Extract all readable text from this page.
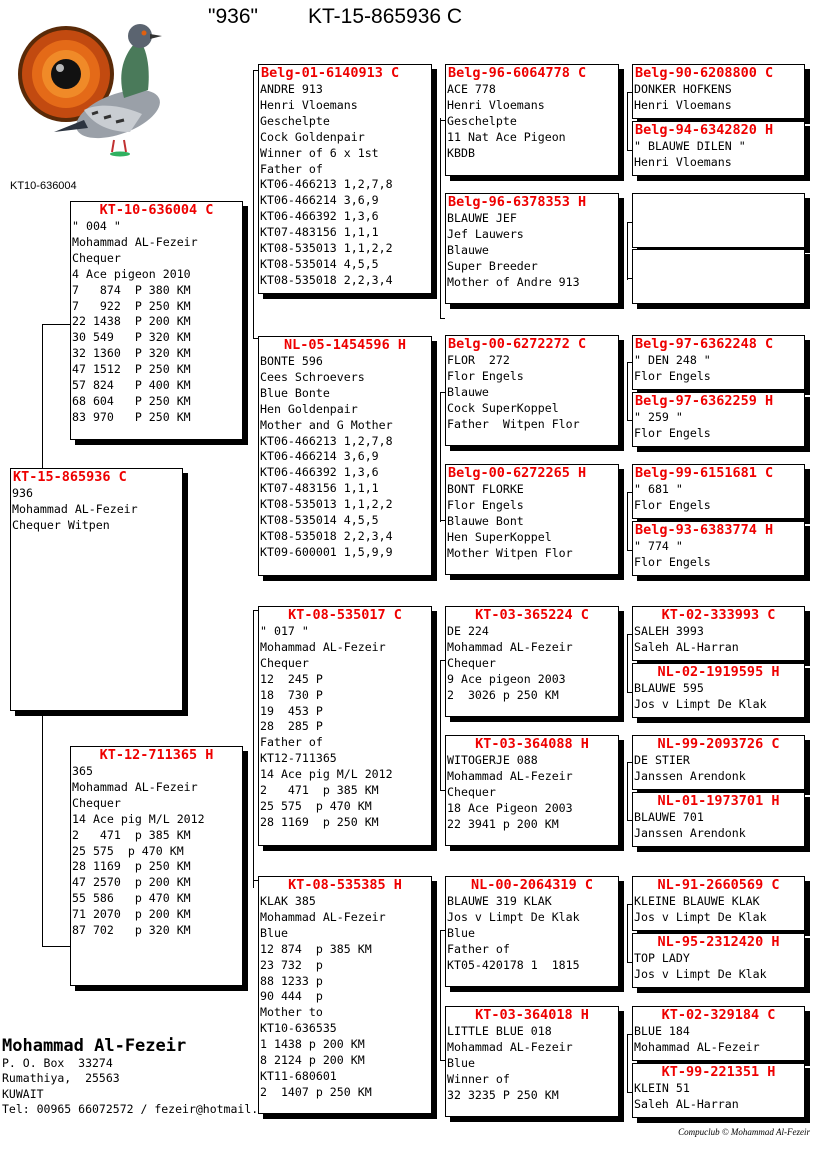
"936" KT-15-865936 C
KT10-636004
KT-15-865936 C
936
Mohammad AL-Fezeir
Chequer Witpen
KT-10-636004 C
" 004 "
Mohammad AL-Fezeir
Chequer
4 Ace pigeon 2010
7   874  P 380 KM
7   922  P 250 KM
22 1438  P 200 KM
30 549   P 320 KM
32 1360  P 320 KM
47 1512  P 250 KM
57 824   P 400 KM
68 604   P 250 KM
83 970   P 250 KM
KT-12-711365 H
365
Mohammad AL-Fezeir
Chequer
14 Ace pig M/L 2012
2   471  p 385 KM
25 575  p 470 KM
28 1169  p 250 KM
47 2570  p 200 KM
55 586   p 470 KM
71 2070  p 200 KM
87 702   p 320 KM
Belg-01-6140913 C
ANDRE 913
Henri Vloemans
Geschelpte
Cock Goldenpair
Winner of 6 x 1st
Father of
KT06-466213 1,2,7,8
KT06-466214 3,6,9
KT06-466392 1,3,6
KT07-483156 1,1,1
KT08-535013 1,1,2,2
KT08-535014 4,5,5
KT08-535018 2,2,3,4
NL-05-1454596 H
BONTE 596
Cees Schroevers
Blue Bonte
Hen Goldenpair
Mother and G Mother
KT06-466213 1,2,7,8
KT06-466214 3,6,9
KT06-466392 1,3,6
KT07-483156 1,1,1
KT08-535013 1,1,2,2
KT08-535014 4,5,5
KT08-535018 2,2,3,4
KT09-600001 1,5,9,9
KT-08-535017 C
" 017 "
Mohammad AL-Fezeir
Chequer
12  245 P
18  730 P
19  453 P
28  285 P
Father of
KT12-711365
14 Ace pig M/L 2012
2   471  p 385 KM
25 575  p 470 KM
28 1169  p 250 KM
KT-08-535385 H
KLAK 385
Mohammad AL-Fezeir
Blue
12 874  p 385 KM
23 732  p
88 1233 p
90 444  p
Mother to
KT10-636535
1 1438 p 200 KM
8 2124 p 200 KM
KT11-680601
2  1407 p 250 KM
Belg-96-6064778 C
ACE 778
Henri Vloemans
Geschelpte
11 Nat Ace Pigeon
KBDB
Belg-96-6378353 H
BLAUWE JEF
Jef Lauwers
Blauwe
Super Breeder
Mother of Andre 913
Belg-00-6272272 C
FLOR  272
Flor Engels
Blauwe
Cock SuperKoppel
Father  Witpen Flor
Belg-00-6272265 H
BONT FLORKE
Flor Engels
Blauwe Bont
Hen SuperKoppel
Mother Witpen Flor
KT-03-365224 C
DE 224
Mohammad AL-Fezeir
Chequer
9 Ace pigeon 2003
2  3026 p 250 KM
KT-03-364088 H
WITOGERJE 088
Mohammad AL-Fezeir
Chequer
18 Ace Pigeon 2003
22 3941 p 200 KM
NL-00-2064319 C
BLAUWE 319 KLAK
Jos v Limpt De Klak
Blue
Father of
KT05-420178 1  1815
KT-03-364018 H
LITTLE BLUE 018
Mohammad AL-Fezeir
Blue
Winner of
32 3235 P 250 KM
Belg-90-6208800 C
DONKER HOFKENS
Henri Vloemans
Belg-94-6342820 H
" BLAUWE DILEN "
Henri Vloemans
Belg-97-6362248 C
" DEN 248 "
Flor Engels
Belg-97-6362259 H
" 259 "
Flor Engels
Belg-99-6151681 C
" 681 "
Flor Engels
Belg-93-6383774 H
" 774 "
Flor Engels
KT-02-333993 C
SALEH 3993
Saleh AL-Harran
NL-02-1919595 H
BLAUWE 595
Jos v Limpt De Klak
NL-99-2093726 C
DE STIER
Janssen Arendonk
NL-01-1973701 H
BLAUWE 701
Janssen Arendonk
NL-91-2660569 C
KLEINE BLAUWE KLAK
Jos v Limpt De Klak
NL-95-2312420 H
TOP LADY
Jos v Limpt De Klak
KT-02-329184 C
BLUE 184
Mohammad AL-Fezeir
KT-99-221351 H
KLEIN 51
Saleh AL-Harran
Mohammad Al-Fezeir
P. O. Box  33274
Rumathiya,  25563
KUWAIT
Tel: 00965 66072572 / fezeir@hotmail.
Compuclub © Mohammad Al-Fezeir
